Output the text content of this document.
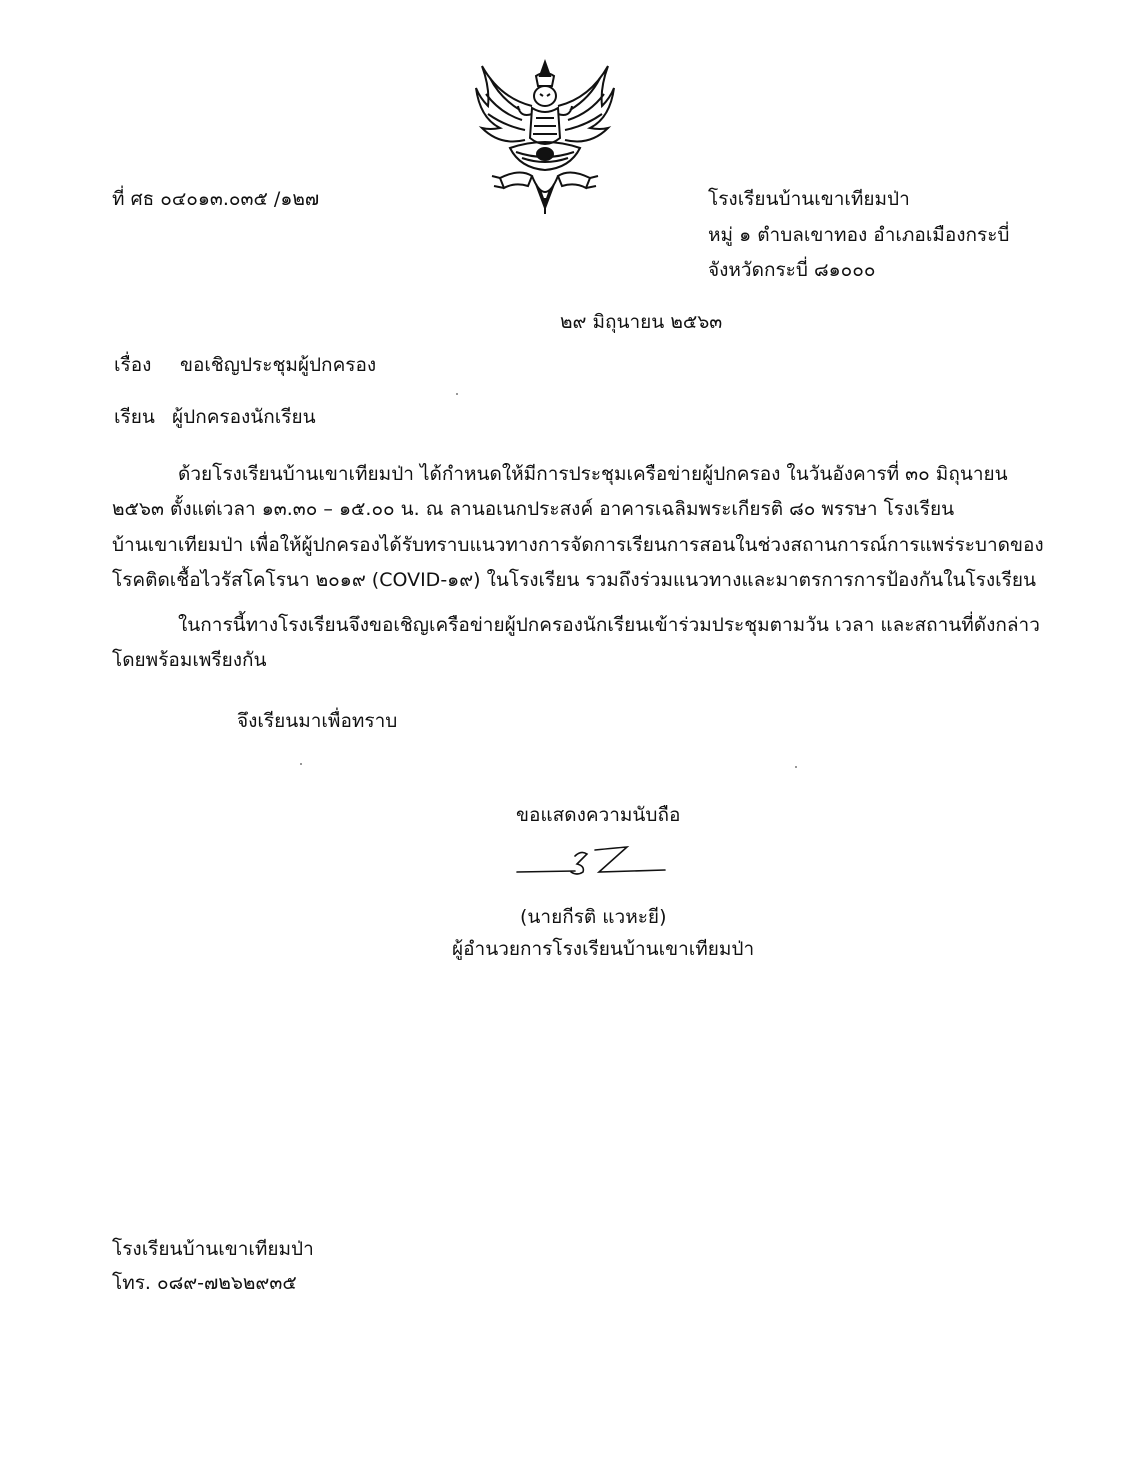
ที่ ศธ ๐๔๐๑๓.๐๓๕ /๑๒๗	โรงเรียนบ้านเขาเทียมป่า
หมู่ ๑ ตำบลเขาทอง อำเภอเมืองกระบี่
จังหวัดกระบี่ ๘๑๐๐๐
๒๙ มิถุนายน ๒๕๖๓
เรื่อง ขอเชิญประชุมผู้ปกครอง
เรียน ผู้ปกครองนักเรียน
ด้วยโรงเรียนบ้านเขาเทียมป่า ได้กำหนดให้มีการประชุมเครือข่ายผู้ปกครอง ในวันอังคารที่ ๓๐ มิถุนายน
๒๕๖๓ ตั้งแต่เวลา ๑๓.๓๐ – ๑๕.๐๐ น. ณ ลานอเนกประสงค์ อาคารเฉลิมพระเกียรติ ๘๐ พรรษา โรงเรียน
บ้านเขาเทียมป่า เพื่อให้ผู้ปกครองได้รับทราบแนวทางการจัดการเรียนการสอนในช่วงสถานการณ์การแพร่ระบาดของ
โรคติดเชื้อไวรัสโคโรนา ๒๐๑๙ (COVID-๑๙) ในโรงเรียน รวมถึงร่วมแนวทางและมาตรการการป้องกันในโรงเรียน
ในการนี้ทางโรงเรียนจึงขอเชิญเครือข่ายผู้ปกครองนักเรียนเข้าร่วมประชุมตามวัน เวลา และสถานที่ดังกล่าว
โดยพร้อมเพรียงกัน
จึงเรียนมาเพื่อทราบ
ขอแสดงความนับถือ
(นายกีรติ แวหะยี)
ผู้อำนวยการโรงเรียนบ้านเขาเทียมป่า
โรงเรียนบ้านเขาเทียมป่า
โทร. ๐๘๙-๗๒๖๒๙๓๕
